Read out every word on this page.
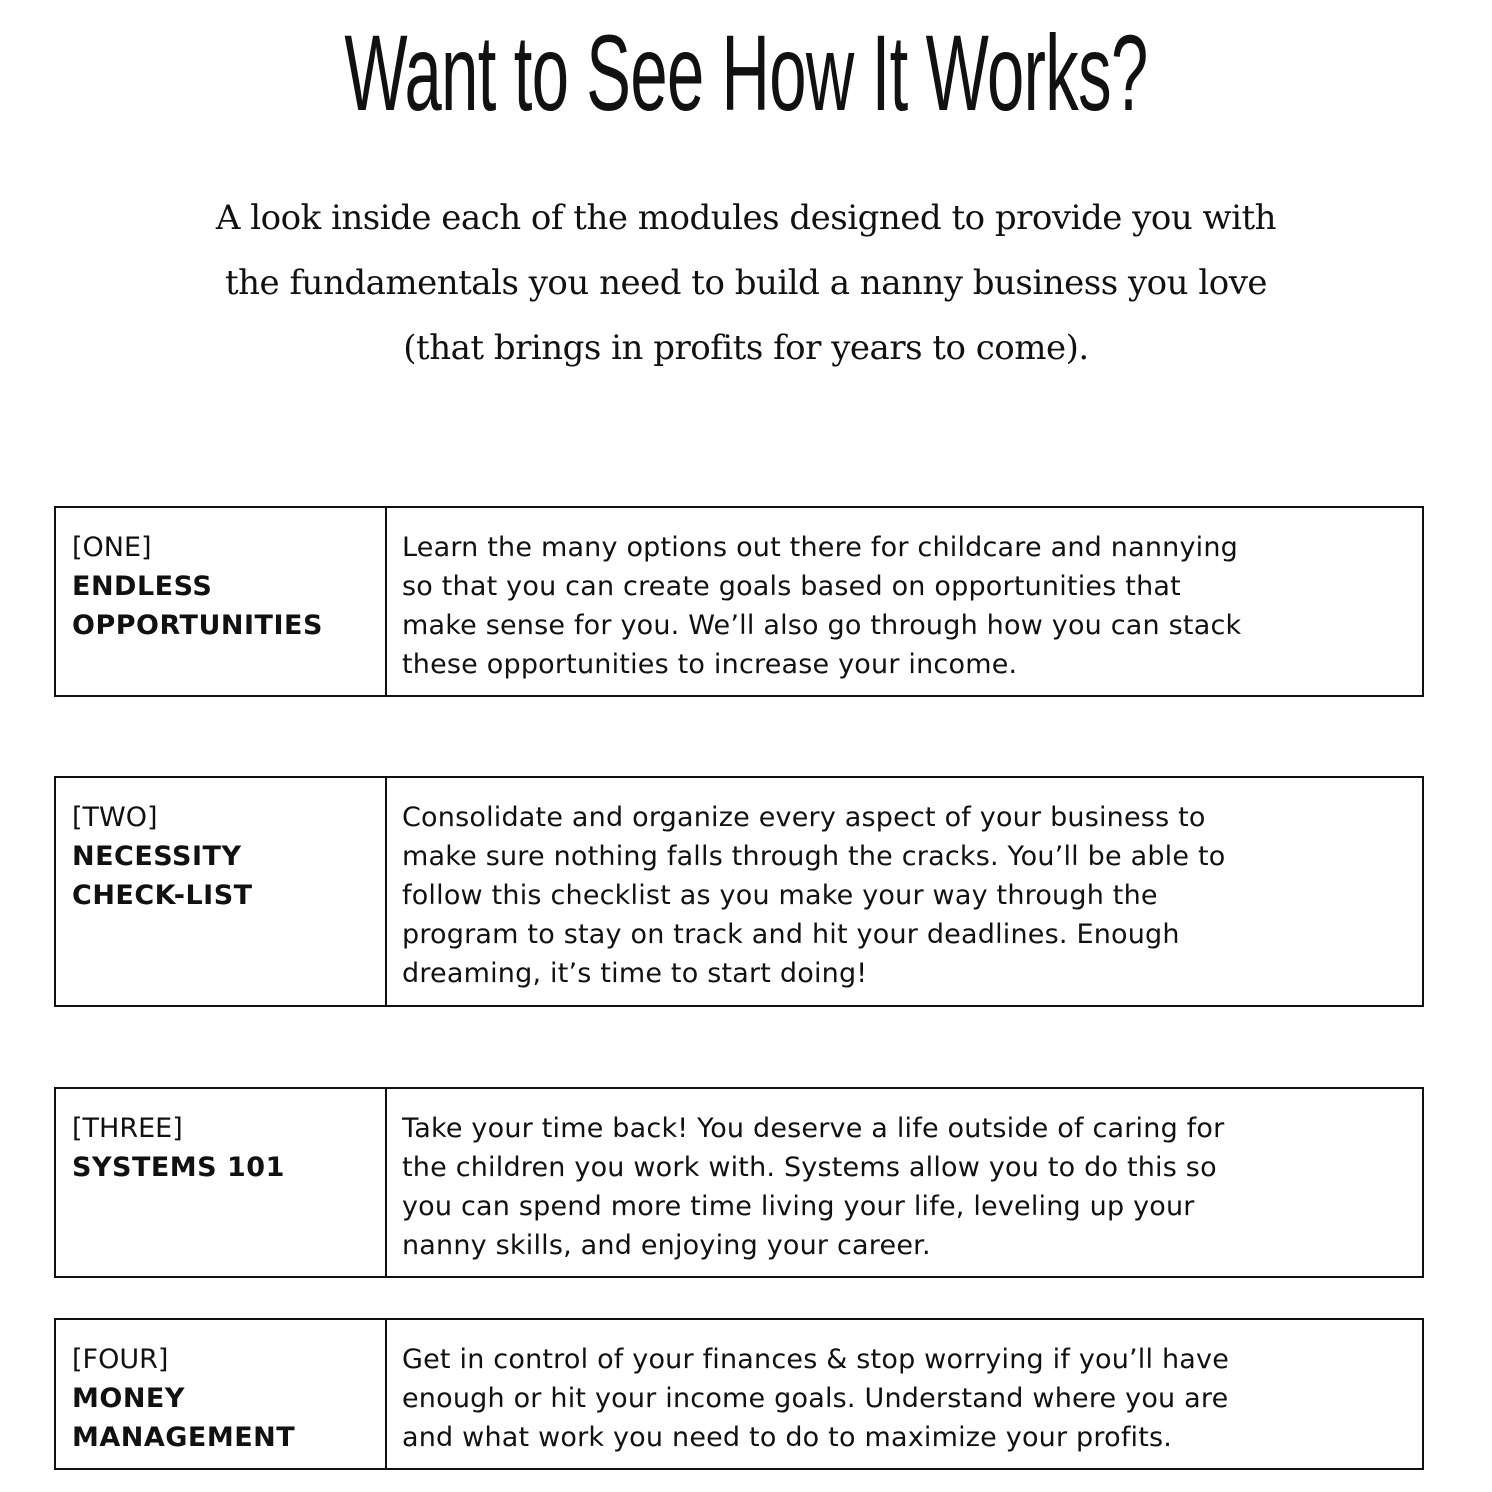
Want to See How It Works?

A look inside each of the modules designed to provide you with
the fundamentals you need to build a nanny business you love
(that brings in profits for years to come).

[ONE]
ENDLESS
OPPORTUNITIES
Learn the many options out there for childcare and nannying
so that you can create goals based on opportunities that
make sense for you. We’ll also go through how you can stack
these opportunities to increase your income.
[TWO]
NECESSITY
CHECK-LIST
Consolidate and organize every aspect of your business to
make sure nothing falls through the cracks. You’ll be able to
follow this checklist as you make your way through the
program to stay on track and hit your deadlines. Enough
dreaming, it’s time to start doing!
[THREE]
SYSTEMS 101
Take your time back! You deserve a life outside of caring for
the children you work with. Systems allow you to do this so
you can spend more time living your life, leveling up your
nanny skills, and enjoying your career.
[FOUR]
MONEY
MANAGEMENT
Get in control of your finances & stop worrying if you’ll have
enough or hit your income goals. Understand where you are
and what work you need to do to maximize your profits.
